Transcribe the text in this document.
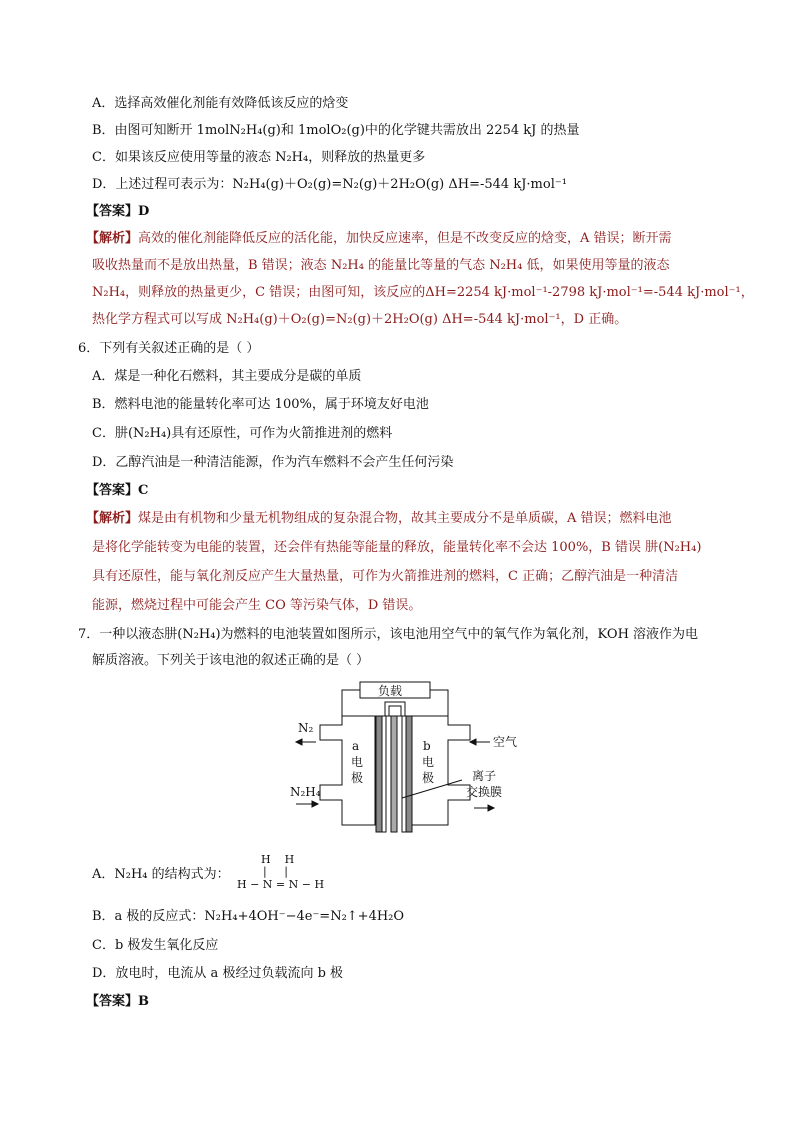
A．选择高效催化剂能有效降低该反应的焓变
B．由图可知断开 1molN₂H₄(g)和 1molO₂(g)中的化学键共需放出 2254 kJ 的热量
C．如果该反应使用等量的液态 N₂H₄，则释放的热量更多
D．上述过程可表示为：N₂H₄(g)＋O₂(g)=N₂(g)＋2H₂O(g) ΔH=-544 kJ·mol⁻¹
【答案】D
【解析】高效的催化剂能降低反应的活化能，加快反应速率，但是不改变反应的焓变，A 错误；断开需
吸收热量而不是放出热量，B 错误；液态 N₂H₄ 的能量比等量的气态 N₂H₄ 低，如果使用等量的液态
N₂H₄，则释放的热量更少，C 错误；由图可知，该反应的ΔH=2254 kJ·mol⁻¹-2798 kJ·mol⁻¹=-544 kJ·mol⁻¹，
热化学方程式可以写成 N₂H₄(g)＋O₂(g)=N₂(g)＋2H₂O(g) ΔH=-544 kJ·mol⁻¹，D 正确。
6．下列有关叙述正确的是（ ）
A．煤是一种化石燃料，其主要成分是碳的单质
B．燃料电池的能量转化率可达 100%，属于环境友好电池
C．肼(N₂H₄)具有还原性，可作为火箭推进剂的燃料
D．乙醇汽油是一种清洁能源，作为汽车燃料不会产生任何污染
【答案】C
【解析】煤是由有机物和少量无机物组成的复杂混合物，故其主要成分不是单质碳，A 错误；燃料电池
是将化学能转变为电能的装置，还会伴有热能等能量的释放，能量转化率不会达 100%，B 错误 肼(N₂H₄)
具有还原性，能与氧化剂反应产生大量热量，可作为火箭推进剂的燃料，C 正确；乙醇汽油是一种清洁
能源，燃烧过程中可能会产生 CO 等污染气体，D 错误。
7．一种以液态肼(N₂H₄)为燃料的电池装置如图所示，该电池用空气中的氧气作为氧化剂，KOH 溶液作为电
解质溶液。下列关于该电池的叙述正确的是（ ）
负载
N₂
N₂H₄
空气
a
电
极
b
电
极	离子
交换膜
A．N₂H₄ 的结构式为：
H    H
|     |
H − N = N − H
B．a 极的反应式：N₂H₄+4OH⁻−4e⁻=N₂↑+4H₂O
C．b 极发生氧化反应
D．放电时，电流从 a 极经过负载流向 b 极
【答案】B
